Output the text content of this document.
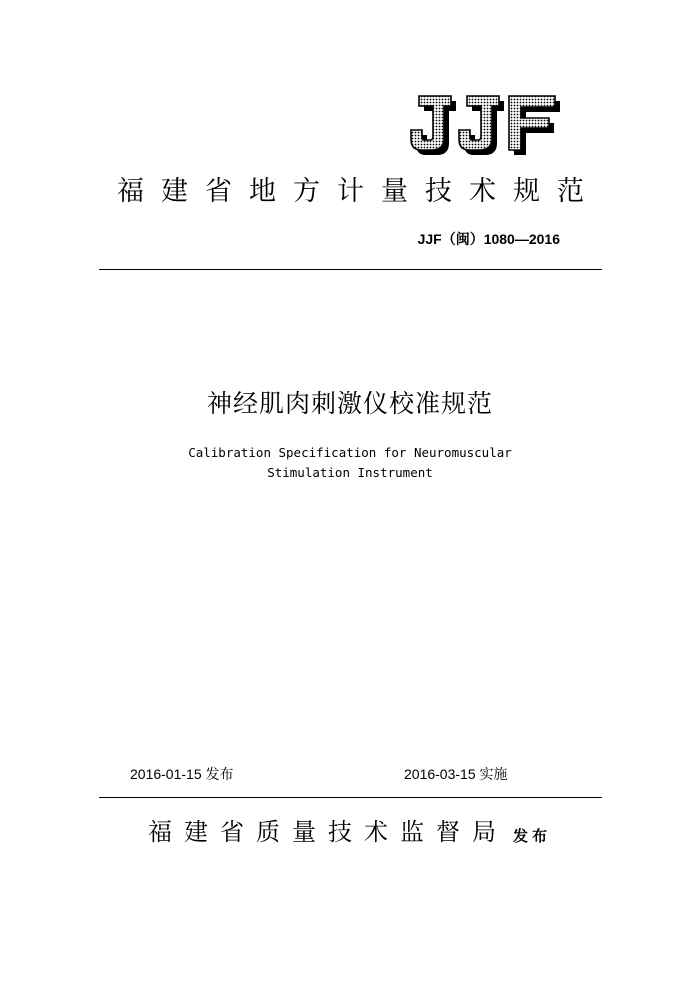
福建省地方计量技术规范
JJF（闽）1080—2016
神经肌肉刺激仪校准规范
Calibration Specification for Neuromuscular
Stimulation Instrument
2016-01-15 发布	2016-03-15 实施
福建省质量技术监督局 发布
